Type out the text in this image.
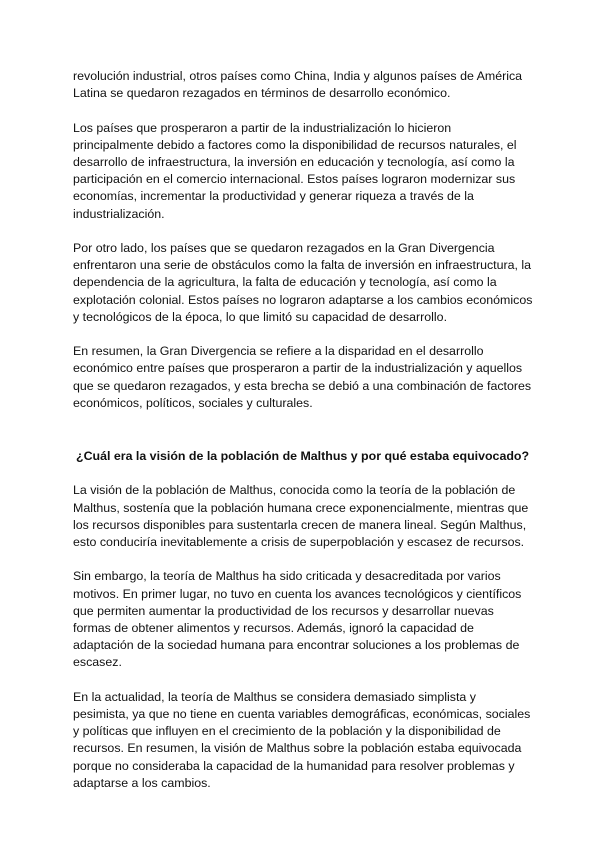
revolución industrial, otros países como China, India y algunos países de América Latina se quedaron rezagados en términos de desarrollo económico.

Los países que prosperaron a partir de la industrialización lo hicieron principalmente debido a factores como la disponibilidad de recursos naturales, el desarrollo de infraestructura, la inversión en educación y tecnología, así como la participación en el comercio internacional. Estos países lograron modernizar sus economías, incrementar la productividad y generar riqueza a través de la industrialización.

Por otro lado, los países que se quedaron rezagados en la Gran Divergencia enfrentaron una serie de obstáculos como la falta de inversión en infraestructura, la dependencia de la agricultura, la falta de educación y tecnología, así como la explotación colonial. Estos países no lograron adaptarse a los cambios económicos y tecnológicos de la época, lo que limitó su capacidad de desarrollo.

En resumen, la Gran Divergencia se refiere a la disparidad en el desarrollo económico entre países que prosperaron a partir de la industrialización y aquellos que se quedaron rezagados, y esta brecha se debió a una combinación de factores económicos, políticos, sociales y culturales.

¿Cuál era la visión de la población de Malthus y por qué estaba equivocado?

La visión de la población de Malthus, conocida como la teoría de la población de Malthus, sostenía que la población humana crece exponencialmente, mientras que los recursos disponibles para sustentarla crecen de manera lineal. Según Malthus, esto conduciría inevitablemente a crisis de superpoblación y escasez de recursos.

Sin embargo, la teoría de Malthus ha sido criticada y desacreditada por varios motivos. En primer lugar, no tuvo en cuenta los avances tecnológicos y científicos que permiten aumentar la productividad de los recursos y desarrollar nuevas formas de obtener alimentos y recursos. Además, ignoró la capacidad de adaptación de la sociedad humana para encontrar soluciones a los problemas de escasez.

En la actualidad, la teoría de Malthus se considera demasiado simplista y pesimista, ya que no tiene en cuenta variables demográficas, económicas, sociales y políticas que influyen en el crecimiento de la población y la disponibilidad de recursos. En resumen, la visión de Malthus sobre la población estaba equivocada porque no consideraba la capacidad de la humanidad para resolver problemas y adaptarse a los cambios.
